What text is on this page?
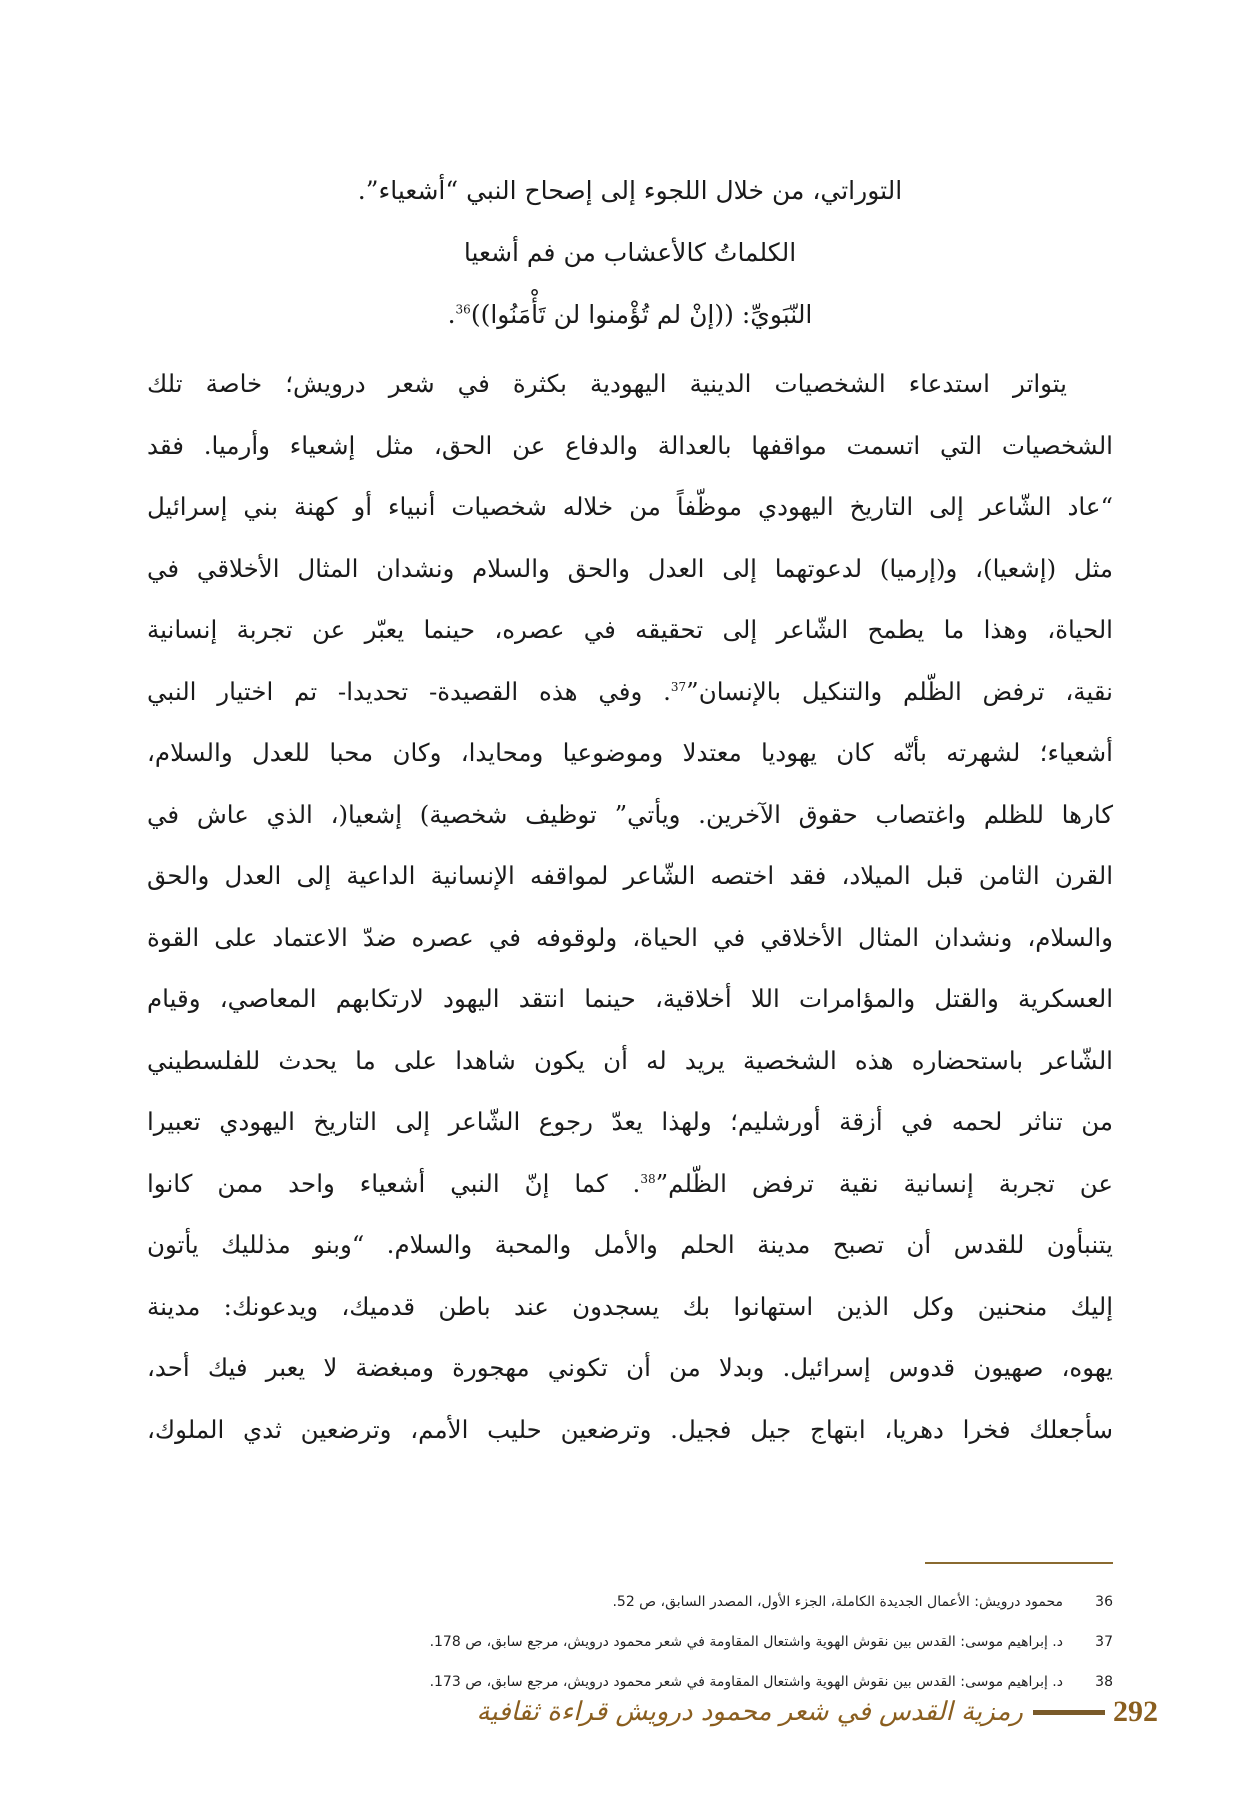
التوراتي، من خلال اللجوء إلى إصحاح النبي “أشعياء”.
الكلماتُ كالأعشاب من فم أشعيا
النّبَويِّ: ((إنْ لم تُؤْمنوا لن تَأْمَنُوا))$^{36}$.
يتواتر استدعاء الشخصيات الدينية اليهودية بكثرة في شعر درويش؛ خاصة تلك
الشخصيات التي اتسمت مواقفها بالعدالة والدفاع عن الحق، مثل إشعياء وأرميا. فقد
“عاد الشّاعر إلى التاريخ اليهودي موظّفاً من خلاله شخصيات أنبياء أو كهنة بني إسرائيل
مثل (إشعيا)، و(إرميا) لدعوتهما إلى العدل والحق والسلام ونشدان المثال الأخلاقي في
الحياة، وهذا ما يطمح الشّاعر إلى تحقيقه في عصره، حينما يعبّر عن تجربة إنسانية
نقية، ترفض الظّلم والتنكيل بالإنسان”$^{37}$. وفي هذه القصيدة- تحديدا- تم اختيار النبي
أشعياء؛ لشهرته بأنّه كان يهوديا معتدلا وموضوعيا ومحايدا، وكان محبا للعدل والسلام،
كارها للظلم واغتصاب حقوق الآخرين. ويأتي” توظيف شخصية) إشعيا(، الذي عاش في
القرن الثامن قبل الميلاد، فقد اختصه الشّاعر لمواقفه الإنسانية الداعية إلى العدل والحق
والسلام، ونشدان المثال الأخلاقي في الحياة، ولوقوفه في عصره ضدّ الاعتماد على القوة
العسكرية والقتل والمؤامرات اللا أخلاقية، حينما انتقد اليهود لارتكابهم المعاصي، وقيام
الشّاعر باستحضاره هذه الشخصية يريد له أن يكون شاهدا على ما يحدث للفلسطيني
من تناثر لحمه في أزقة أورشليم؛ ولهذا يعدّ رجوع الشّاعر إلى التاريخ اليهودي تعبيرا
عن تجربة إنسانية نقية ترفض الظّلم”$^{38}$. كما إنّ النبي أشعياء واحد ممن كانوا
يتنبأون للقدس أن تصبح مدينة الحلم والأمل والمحبة والسلام. “وبنو مذلليك يأتون
إليك منحنين وكل الذين استهانوا بك يسجدون عند باطن قدميك، ويدعونك: مدينة
يهوه، صهيون قدوس إسرائيل. وبدلا من أن تكوني مهجورة ومبغضة لا يعبر فيك أحد،
سأجعلك فخرا دهريا، ابتهاج جيل فجيل. وترضعين حليب الأمم، وترضعين ثدي الملوك،
36
محمود درويش: الأعمال الجديدة الكاملة، الجزء الأول، المصدر السابق، ص 52.
37
د. إبراهيم موسى: القدس بين نقوش الهوية واشتعال المقاومة في شعر محمود درويش، مرجع سابق، ص 178.
38
د. إبراهيم موسى: القدس بين نقوش الهوية واشتعال المقاومة في شعر محمود درويش، مرجع سابق، ص 173.
رمزية القدس في شعر محمود درويش قراءة ثقافية	292
